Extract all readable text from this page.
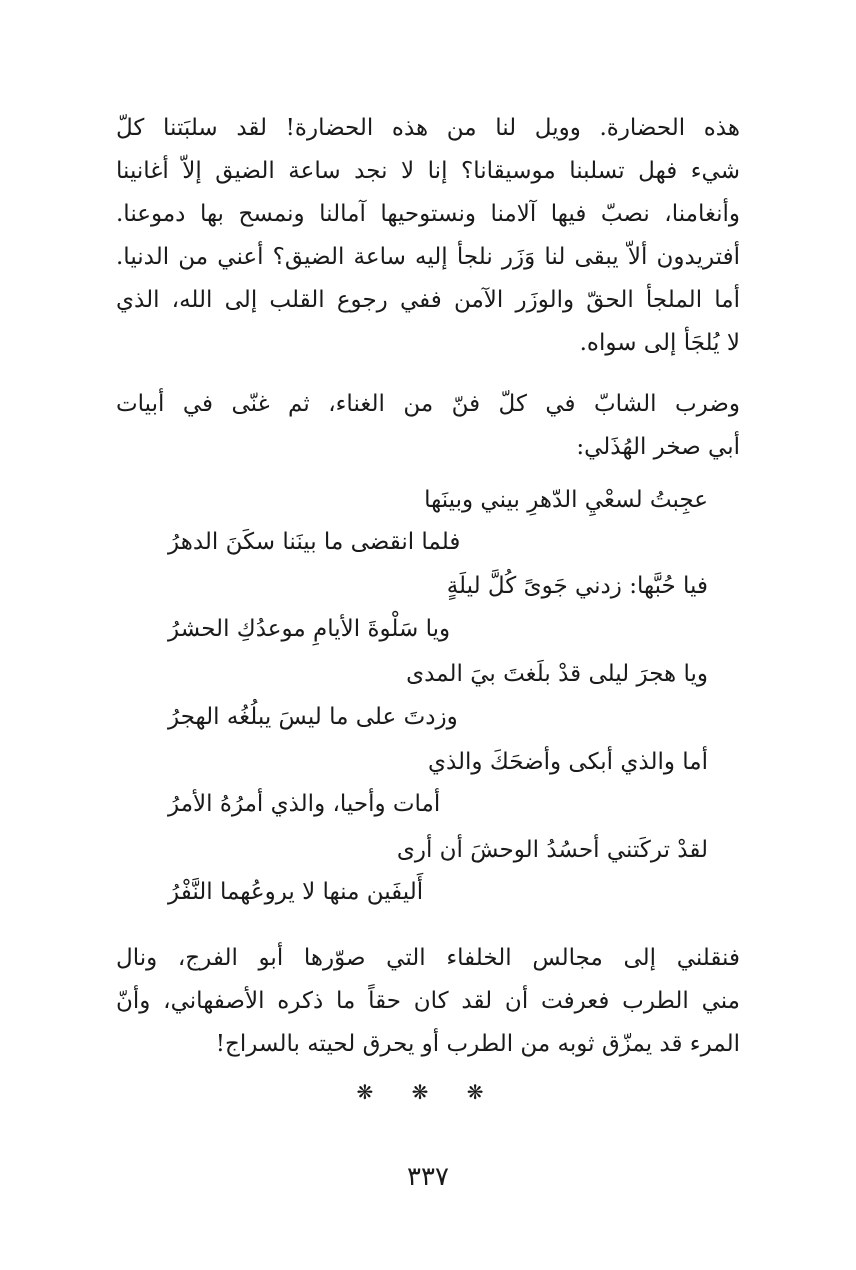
هذه الحضارة. وويل لنا من هذه الحضارة! لقد سلبَتنا كلّ
شيء فهل تسلبنا موسيقانا؟ إنا لا نجد ساعة الضيق إلاّ أغانينا
وأنغامنا، نصبّ فيها آلامنا ونستوحيها آمالنا ونمسح بها دموعنا.
أفتريدون ألاّ يبقى لنا وَزَر نلجأ إليه ساعة الضيق؟ أعني من الدنيا.
أما الملجأ الحقّ والوزَر الآمن ففي رجوع القلب إلى الله، الذي
لا يُلجَأ إلى سواه.
وضرب الشابّ في كلّ فنّ من الغناء، ثم غنّى في أبيات
أبي صخر الهُذَلي:
عجِبتُ لسعْيِ الدّهرِ بيني وبينَها
فلما انقضى ما بينَنا سكَنَ الدهرُ
فيا حُبَّها: زدني جَوىً كُلَّ ليلَةٍ
ويا سَلْوةَ الأيامِ موعدُكِ الحشرُ
ويا هجرَ ليلى قدْ بلَغتَ بيَ المدى
وزدتَ على ما ليسَ يبلُغُه الهجرُ
أما والذي أبكى وأضحَكَ والذي
أمات وأحيا، والذي أمرُهُ الأمرُ
لقدْ تركَتني أحسُدُ الوحشَ أن أرى
أَليفَين منها لا يروعُهما النَّفْرُ
فنقلني إلى مجالس الخلفاء التي صوّرها أبو الفرج، ونال
مني الطرب فعرفت أن لقد كان حقاً ما ذكره الأصفهاني، وأنّ
المرء قد يمزّق ثوبه من الطرب أو يحرق لحيته بالسراج!
❋ ❋ ❋
٣٣٧
